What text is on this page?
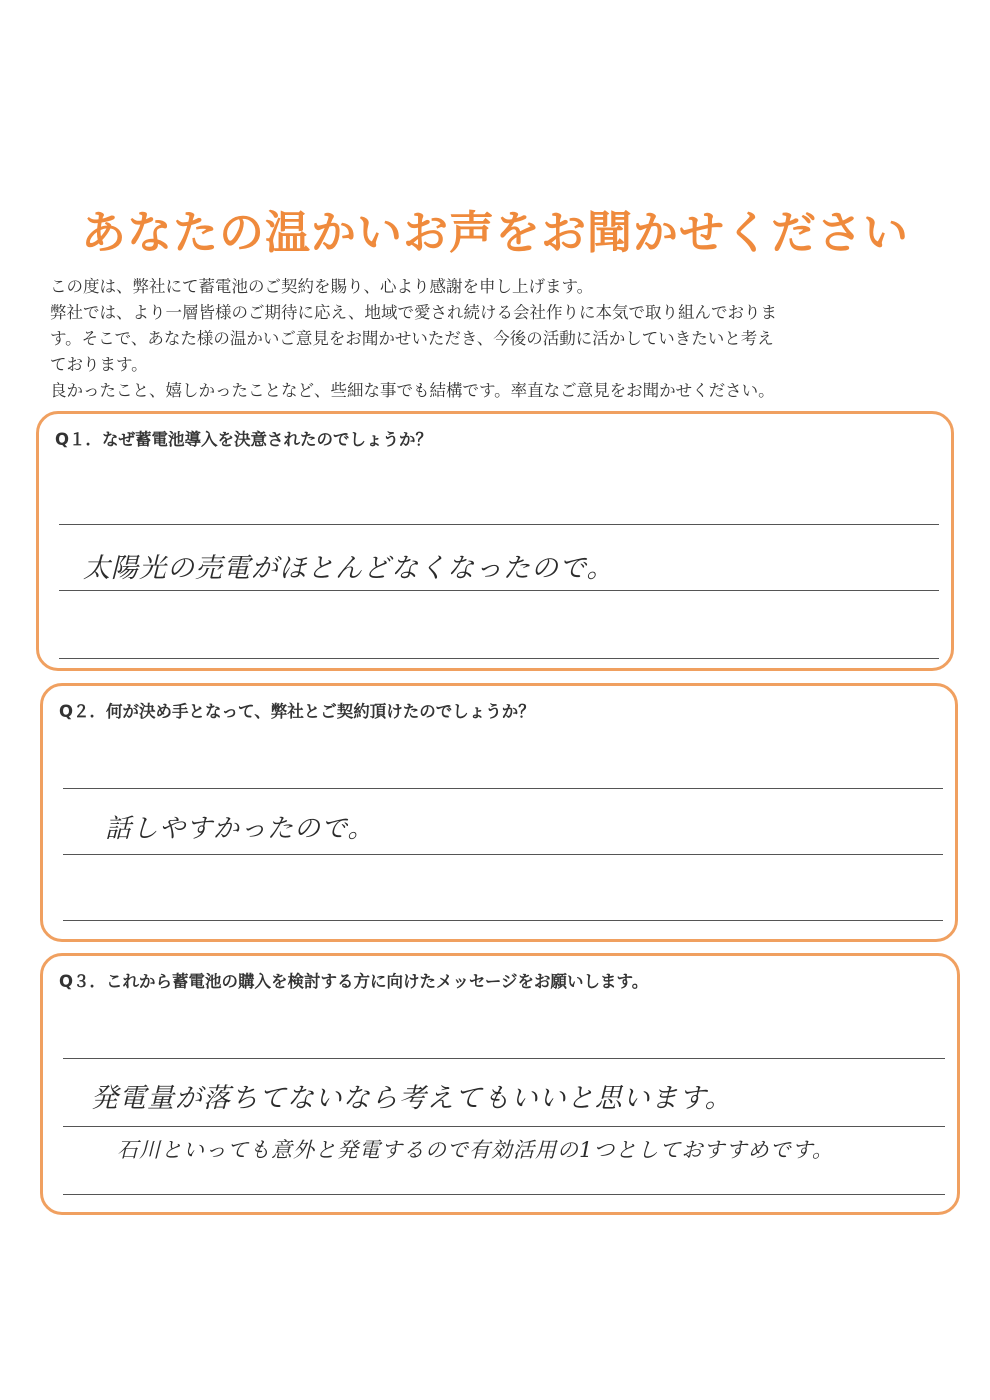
あなたの温かいお声をお聞かせください

この度は、弊社にて蓄電池のご契約を賜り、心より感謝を申し上げます。

弊社では、より一層皆様のご期待に応え、地域で愛され続ける会社作りに本気で取り組んでおりま

す。そこで、あなた様の温かいご意見をお聞かせいただき、今後の活動に活かしていきたいと考え

ております。

良かったこと、嬉しかったことなど、些細な事でも結構です。率直なご意見をお聞かせください。

Q１．なぜ蓄電池導入を決意されたのでしょうか？
太陽光の売電がほとんどなくなったので。
Q２．何が決め手となって、弊社とご契約頂けたのでしょうか？
話しやすかったので。
Q３．これから蓄電池の購入を検討する方に向けたメッセージをお願いします。
発電量が落ちてないなら考えてもいいと思います。
石川といっても意外と発電するので有効活用の1つとしておすすめです。
